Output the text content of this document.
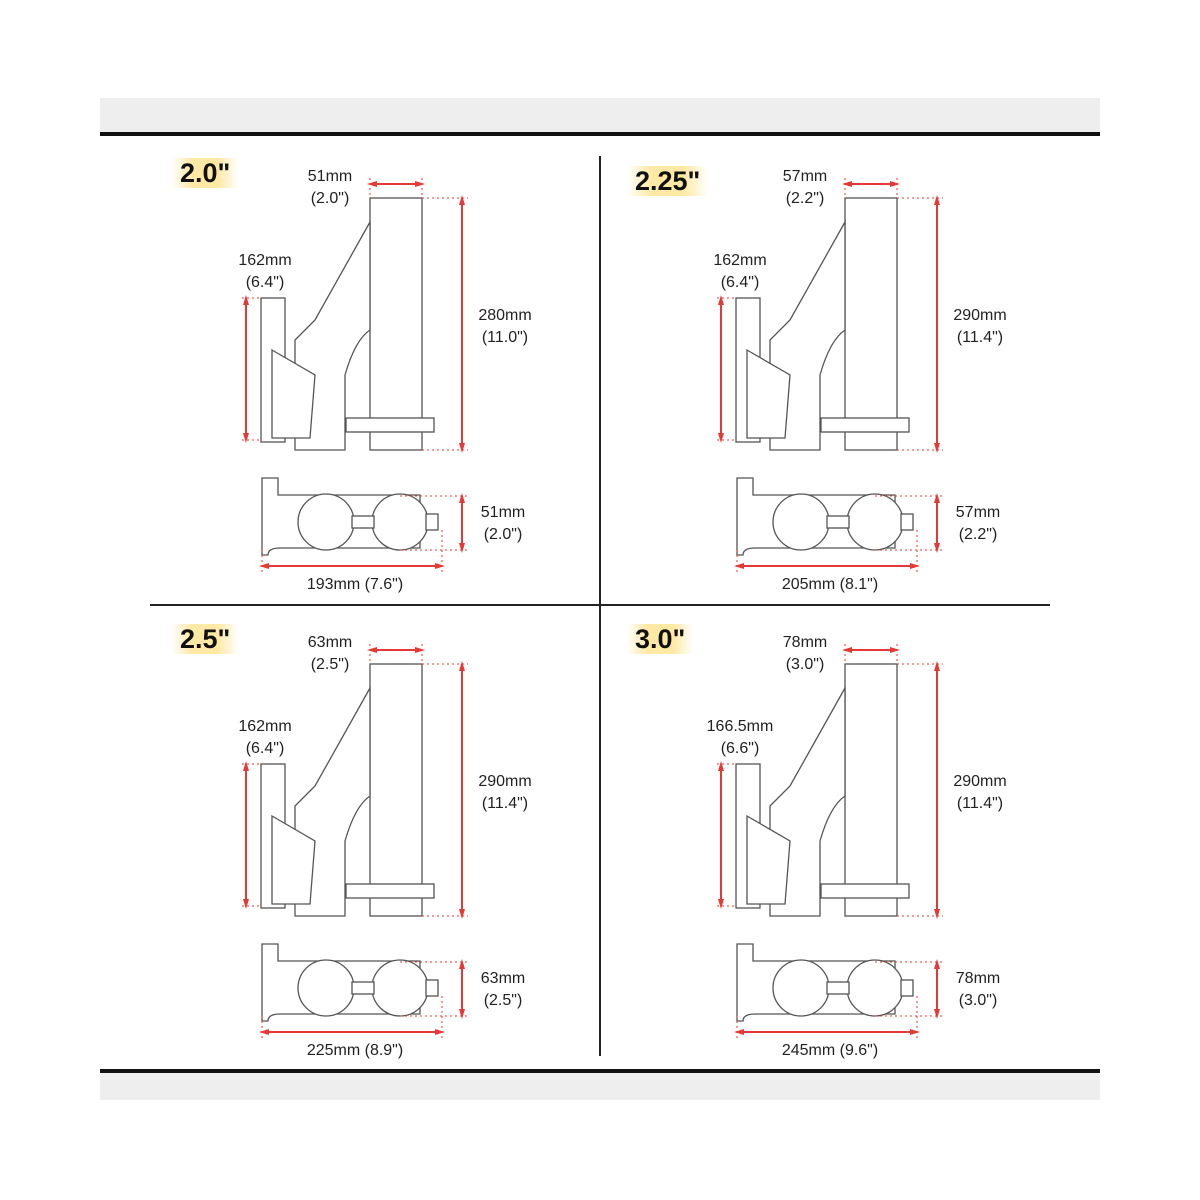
2.0"	51mm
(2.0")
162mm
(6.4")
280mm
(11.0")
51mm
(2.0")
193mm (7.6")
2.25"	57mm
(2.2")
162mm
(6.4")
290mm
(11.4")
57mm
(2.2")
205mm (8.1")
2.5"	63mm
(2.5")
162mm
(6.4")
290mm
(11.4")
63mm
(2.5")
225mm (8.9")
3.0"	78mm
(3.0")
166.5mm
(6.6")
290mm
(11.4")
78mm
(3.0")
245mm (9.6")
